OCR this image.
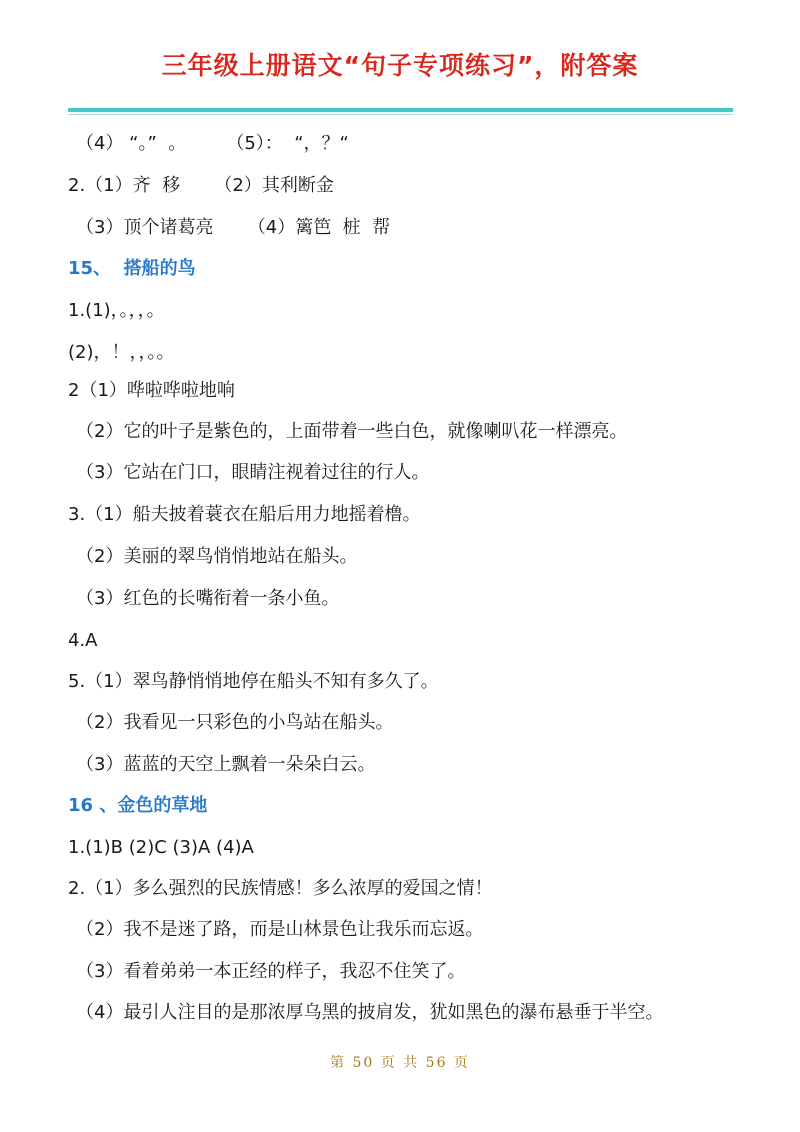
三年级上册语文“句子专项练习”，附答案
（4） “。”  。       （5）：  “，？“
2.（1）齐  移      （2）其利断金
（3）顶个诸葛亮      （4）篱笆  桩  帮
15、  搭船的鸟
1.(1)，。，，。
(2)，！，，。。
2（1）哗啦哗啦地响
（2）它的叶子是紫色的，上面带着一些白色，就像喇叭花一样漂亮。
（3）它站在门口，眼睛注视着过往的行人。
3.（1）船夫披着蓑衣在船后用力地摇着橹。
（2）美丽的翠鸟悄悄地站在船头。
（3）红色的长嘴衔着一条小鱼。
4.A
5.（1）翠鸟静悄悄地停在船头不知有多久了。
（2）我看见一只彩色的小鸟站在船头。
（3）蓝蓝的天空上飘着一朵朵白云。
16 、金色的草地
1.(1)B (2)C (3)A (4)A
2.（1）多么强烈的民族情感！多么浓厚的爱国之情！
（2）我不是迷了路，而是山林景色让我乐而忘返。
（3）看着弟弟一本正经的样子，我忍不住笑了。
（4）最引人注目的是那浓厚乌黑的披肩发，犹如黑色的瀑布悬垂于半空。
第 50 页 共 56 页
